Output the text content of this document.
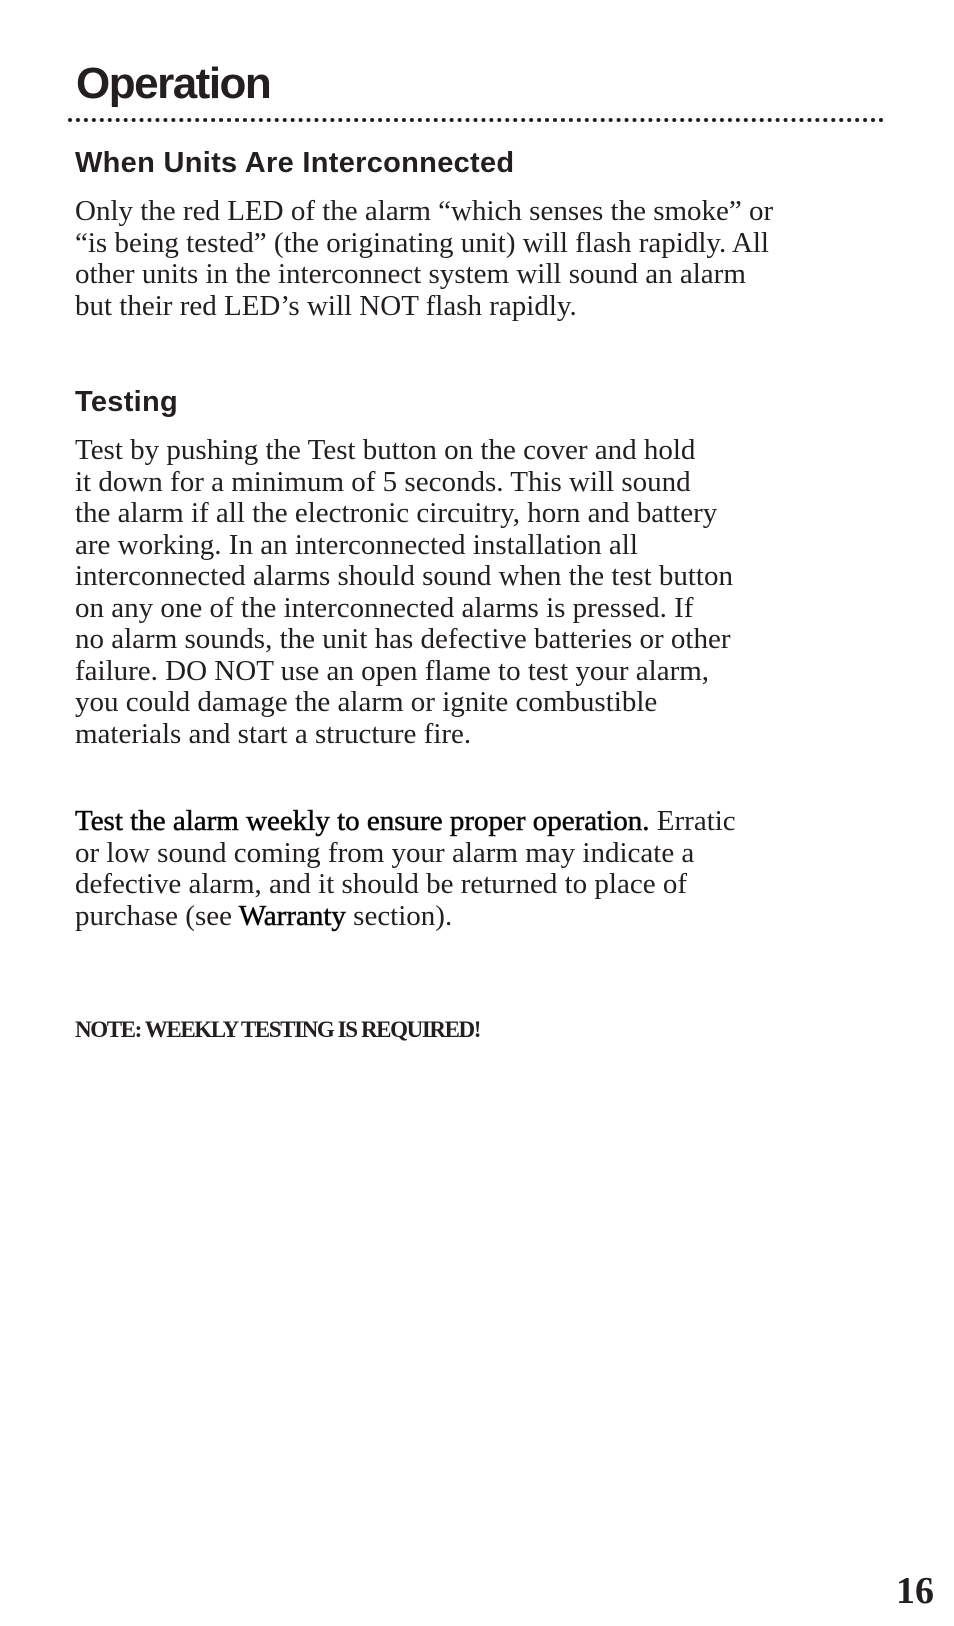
Operation
When Units Are Interconnected
Only the red LED of the alarm “which senses the smoke” or
“is being tested” (the originating unit) will flash rapidly. All
other units in the interconnect system will sound an alarm
but their red LED’s will NOT flash rapidly.
Testing
Test by pushing the Test button on the cover and hold
it down for a minimum of 5 seconds. This will sound
the alarm if all the electronic circuitry, horn and battery
are working. In an interconnected installation all
interconnected alarms should sound when the test button
on any one of the interconnected alarms is pressed. If
no alarm sounds, the unit has defective batteries or other
failure. DO NOT use an open flame to test your alarm,
you could damage the alarm or ignite combustible
materials and start a structure fire.
Test the alarm weekly to ensure proper operation. Erratic
or low sound coming from your alarm may indicate a
defective alarm, and it should be returned to place of
purchase (see Warranty section).

NOTE: WEEKLY TESTING IS REQUIRED!

16
